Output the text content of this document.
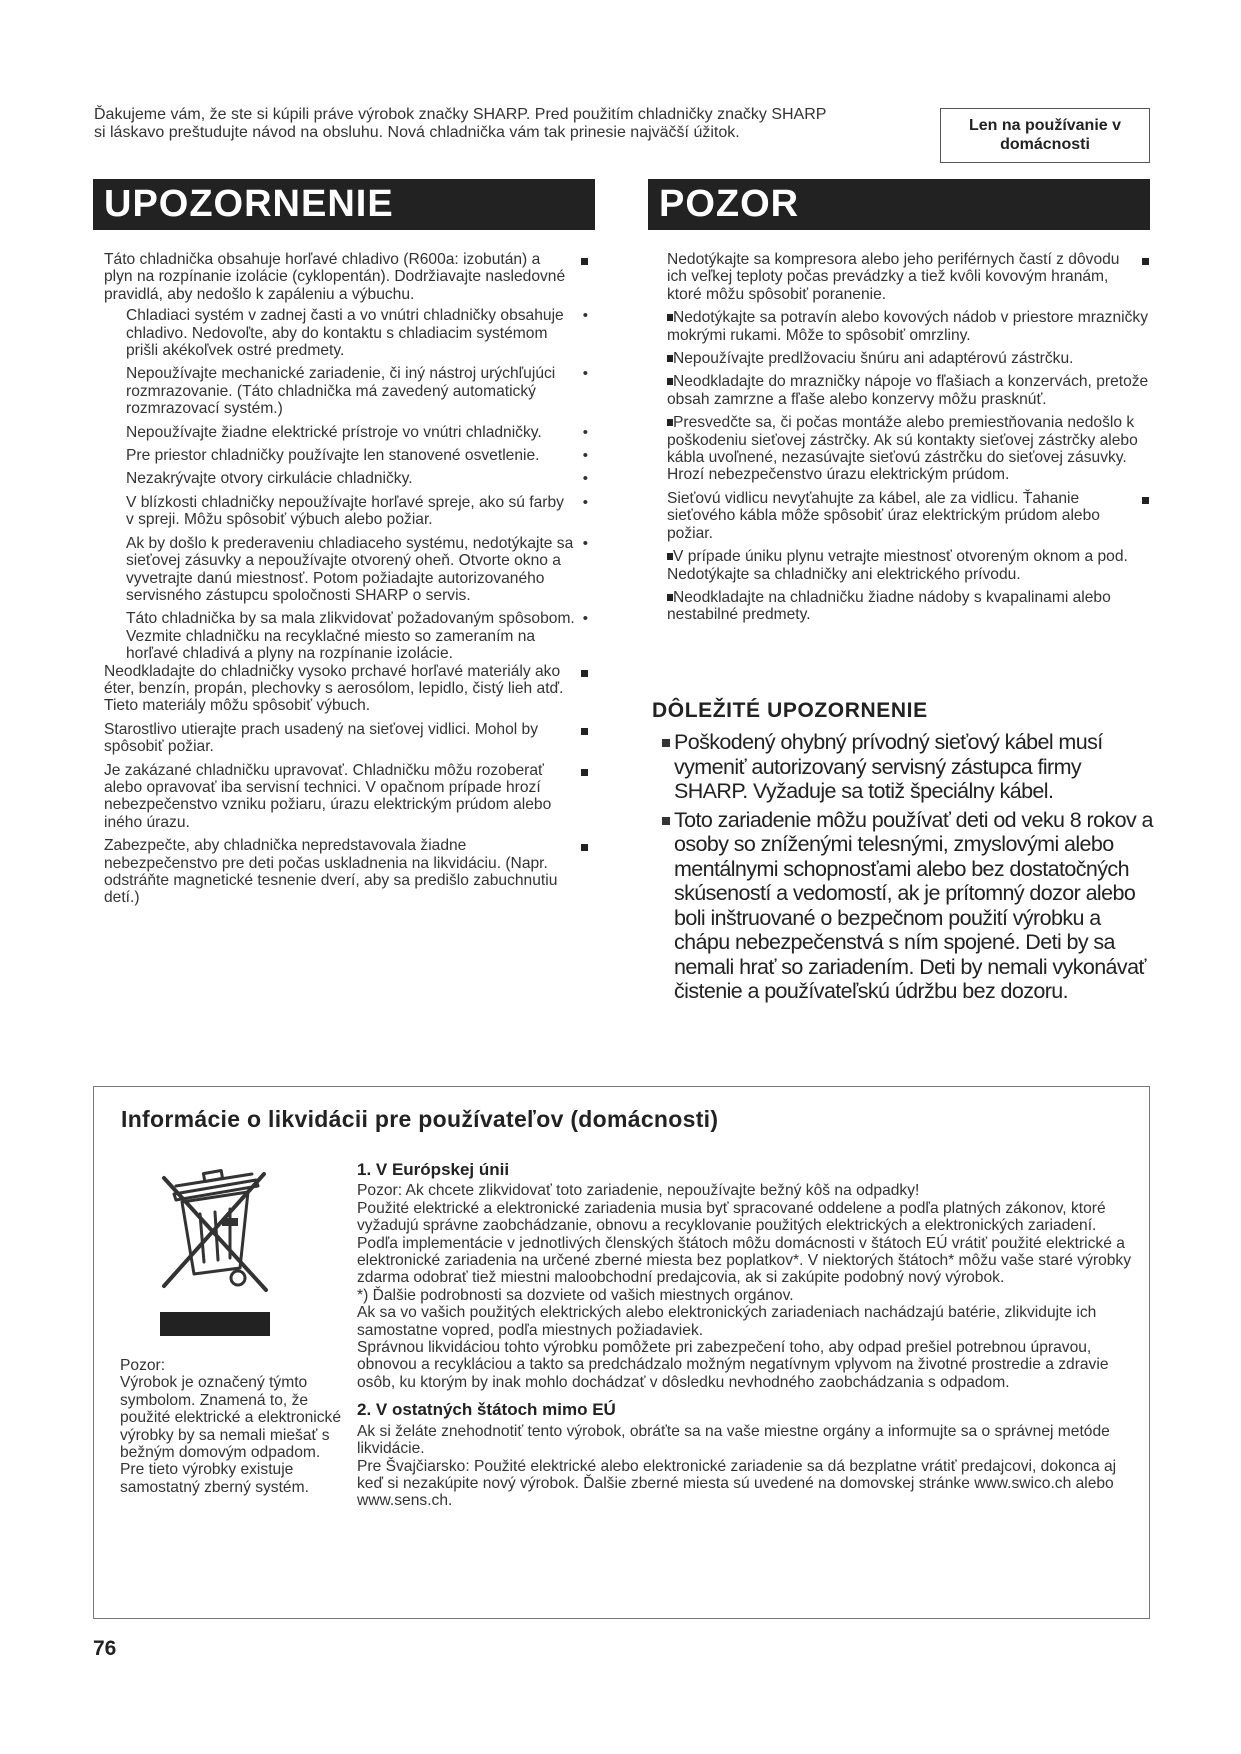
Ďakujeme vám, že ste si kúpili práve výrobok značky SHARP. Pred použitím chladničky značky SHARP
si láskavo preštudujte návod na obsluhu. Nová chladnička vám tak prinesie najväčší úžitok.	Len na používanie v
domácnosti
UPOZORNENIE	POZOR

Táto chladnička obsahuje horľavé chladivo (R600a: izobután) a plyn na rozpínanie izolácie (cyklopentán). Dodržiavajte nasledovné pravidlá, aby nedošlo k zapáleniu a výbuchu.

Chladiaci systém v zadnej časti a vo vnútri chladničky obsahuje chladivo. Nedovoľte, aby do kontaktu s chladiacim systémom prišli akékoľvek ostré predmety.
•

Nepoužívajte mechanické zariadenie, či iný nástroj urýchľujúci rozmrazovanie. (Táto chladnička má zavedený automatický rozmrazovací systém.)
•

Nepoužívajte žiadne elektrické prístroje vo vnútri chladničky.	•

Pre priestor chladničky používajte len stanovené osvetlenie.	•

Nezakrývajte otvory cirkulácie chladničky.	•

V blízkosti chladničky nepoužívajte horľavé spreje, ako sú farby v spreji. Môžu spôsobiť výbuch alebo požiar.
•

Ak by došlo k prederaveniu chladiaceho systému, nedotýkajte sa sieťovej zásuvky a nepoužívajte otvorený oheň. Otvorte okno a vyvetrajte danú miestnosť. Potom požiadajte autorizovaného servisného zástupcu spoločnosti SHARP o servis.
•

Táto chladnička by sa mala zlikvidovať požadovaným spôsobom. Vezmite chladničku na recyklačné miesto so zameraním na horľavé chladivá a plyny na rozpínanie izolácie.
•

Neodkladajte do chladničky vysoko prchavé horľavé materiály ako éter, benzín, propán, plechovky s aerosólom, lepidlo, čistý lieh atď.

Tieto materiály môžu spôsobiť výbuch.

Starostlivo utierajte prach usadený na sieťovej vidlici. Mohol by spôsobiť požiar.

Je zakázané chladničku upravovať. Chladničku môžu rozoberať alebo opravovať iba servisní technici. V opačnom prípade hrozí nebezpečenstvo vzniku požiaru, úrazu elektrickým prúdom alebo iného úrazu.

Zabezpečte, aby chladnička nepredstavovala žiadne nebezpečenstvo pre deti počas uskladnenia na likvidáciu. (Napr. odstráňte magnetické tesnenie dverí, aby sa predišlo zabuchnutiu detí.)

Nedotýkajte sa kompresora alebo jeho periférnych častí z dôvodu ich veľkej teploty počas prevádzky a tiež kvôli kovovým hranám, ktoré môžu spôsobiť poranenie.

Nedotýkajte sa potravín alebo kovových nádob v priestore mrazničky mokrými rukami. Môže to spôsobiť omrzliny.

Nepoužívajte predlžovaciu šnúru ani adaptérovú zástrčku.

Neodkladajte do mrazničky nápoje vo fľašiach a konzervách, pretože obsah zamrzne a fľaše alebo konzervy môžu prasknúť.

Presvedčte sa, či počas montáže alebo premiestňovania nedošlo k poškodeniu sieťovej zástrčky. Ak sú kontakty sieťovej zástrčky alebo kábla uvoľnené, nezasúvajte sieťovú zástrčku do sieťovej zásuvky. Hrozí nebezpečenstvo úrazu elektrickým prúdom.

Sieťovú vidlicu nevyťahujte za kábel, ale za vidlicu. Ťahanie sieťového kábla môže spôsobiť úraz elektrickým prúdom alebo požiar.

V prípade úniku plynu vetrajte miestnosť otvoreným oknom a pod. Nedotýkajte sa chladničky ani elektrického prívodu.

Neodkladajte na chladničku žiadne nádoby s kvapalinami alebo nestabilné predmety.

DÔLEŽITÉ UPOZORNENIE
Poškodený ohybný prívodný sieťový kábel musí vymeniť autorizovaný servisný zástupca firmy SHARP. Vyžaduje sa totiž špeciálny kábel.
Toto zariadenie môžu používať deti od veku 8 rokov a osoby so zníženými telesnými, zmyslovými alebo mentálnymi schopnosťami alebo bez dostatočných skúseností a vedomostí, ak je prítomný dozor alebo boli inštruované o bezpečnom použití výrobku a chápu nebezpečenstvá s ním spojené. Deti by sa nemali hrať so zariadením. Deti by nemali vykonávať čistenie a používateľskú údržbu bez dozoru.
Informácie o likvidácii pre používateľov (domácnosti)
Pozor:
Výrobok je označený týmto symbolom. Znamená to, že použité elektrické a elektronické výrobky by sa nemali miešať s bežným domovým odpadom. Pre tieto výrobky existuje samostatný zberný systém.
1. V Európskej únii

Pozor: Ak chcete zlikvidovať toto zariadenie, nepoužívajte bežný kôš na odpadky!

Použité elektrické a elektronické zariadenia musia byť spracované oddelene a podľa platných zákonov, ktoré vyžadujú správne zaobchádzanie, obnovu a recyklovanie použitých elektrických a elektronických zariadení.

Podľa implementácie v jednotlivých členských štátoch môžu domácnosti v štátoch EÚ vrátiť použité elektrické a elektronické zariadenia na určené zberné miesta bez poplatkov*. V niektorých štátoch* môžu vaše staré výrobky zdarma odobrať tiež miestni maloobchodní predajcovia, ak si zakúpite podobný nový výrobok.

*) Ďalšie podrobnosti sa dozviete od vašich miestnych orgánov.

Ak sa vo vašich použitých elektrických alebo elektronických zariadeniach nachádzajú batérie, zlikvidujte ich samostatne vopred, podľa miestnych požiadaviek.

Správnou likvidáciou tohto výrobku pomôžete pri zabezpečení toho, aby odpad prešiel potrebnou úpravou, obnovou a recykláciou a takto sa predchádzalo možným negatívnym vplyvom na životné prostredie a zdravie osôb, ku ktorým by inak mohlo dochádzať v dôsledku nevhodného zaobchádzania s odpadom.

2. V ostatných štátoch mimo EÚ

Ak si želáte znehodnotiť tento výrobok, obráťte sa na vaše miestne orgány a informujte sa o správnej metóde likvidácie.

Pre Švajčiarsko: Použité elektrické alebo elektronické zariadenie sa dá bezplatne vrátiť predajcovi, dokonca aj keď si nezakúpite nový výrobok. Ďalšie zberné miesta sú uvedené na domovskej stránke www.swico.ch alebo www.sens.ch.

76
